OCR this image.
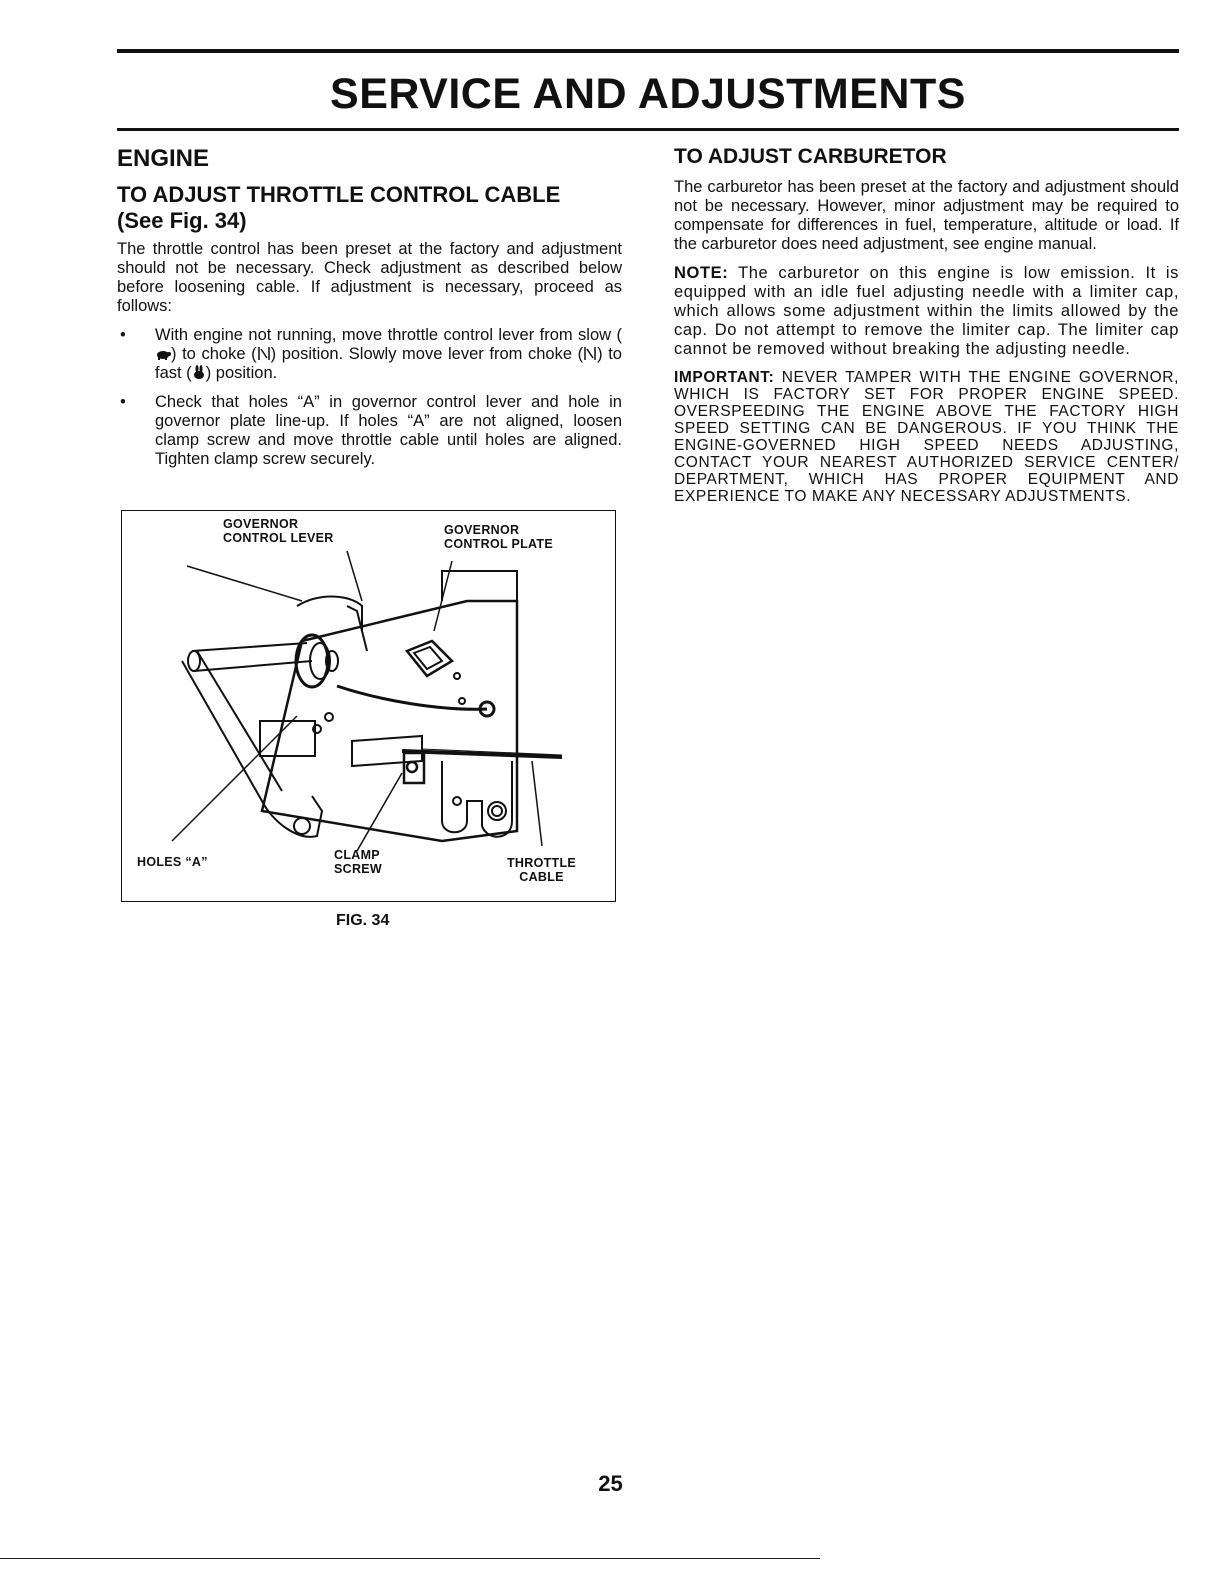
SERVICE AND ADJUSTMENTS
ENGINE
TO ADJUST THROTTLE CONTROL CABLE
(See Fig. 34)

The throttle control has been preset at the factory and adjustment should not be necessary. Check adjustment as described below before loosening cable. If adjustment is necessary, proceed as follows:

• With engine not running, move throttle control lever from slow () to choke ( ) position. Slowly move lever from choke ( ) to fast ( ) position.
• Check that holes “A” in governor control lever and hole in governor plate line-up. If holes “A” are not aligned, loosen clamp screw and move throttle cable until holes are aligned. Tighten clamp screw securely.
GOVERNOR
CONTROL LEVER
GOVERNOR
CONTROL PLATE
HOLES “A”	CLAMP
SCREW	THROTTLE
CABLE
FIG. 34
TO ADJUST CARBURETOR

The carburetor has been preset at the factory and adjustment should not be necessary. However, minor adjustment may be required to compensate for differences in fuel, temperature, altitude or load. If the carburetor does need adjustment, see engine manual.

NOTE: The carburetor on this engine is low emission. It is equipped with an idle fuel adjusting needle with a limiter cap, which allows some adjustment within the limits allowed by the cap. Do not attempt to remove the limiter cap. The limiter cap cannot be removed without breaking the adjusting needle.

IMPORTANT: NEVER TAMPER WITH THE ENGINE GOVERNOR, WHICH IS FACTORY SET FOR PROPER ENGINE SPEED. OVERSPEEDING THE ENGINE ABOVE THE FACTORY HIGH SPEED SETTING CAN BE DANGEROUS. IF YOU THINK THE ENGINE-GOVERNED HIGH SPEED NEEDS ADJUSTING, CONTACT YOUR NEAREST AUTHORIZED SERVICE CENTER/ DEPARTMENT, WHICH HAS PROPER EQUIPMENT AND EXPERIENCE TO MAKE ANY NECESSARY ADJUSTMENTS.

25
